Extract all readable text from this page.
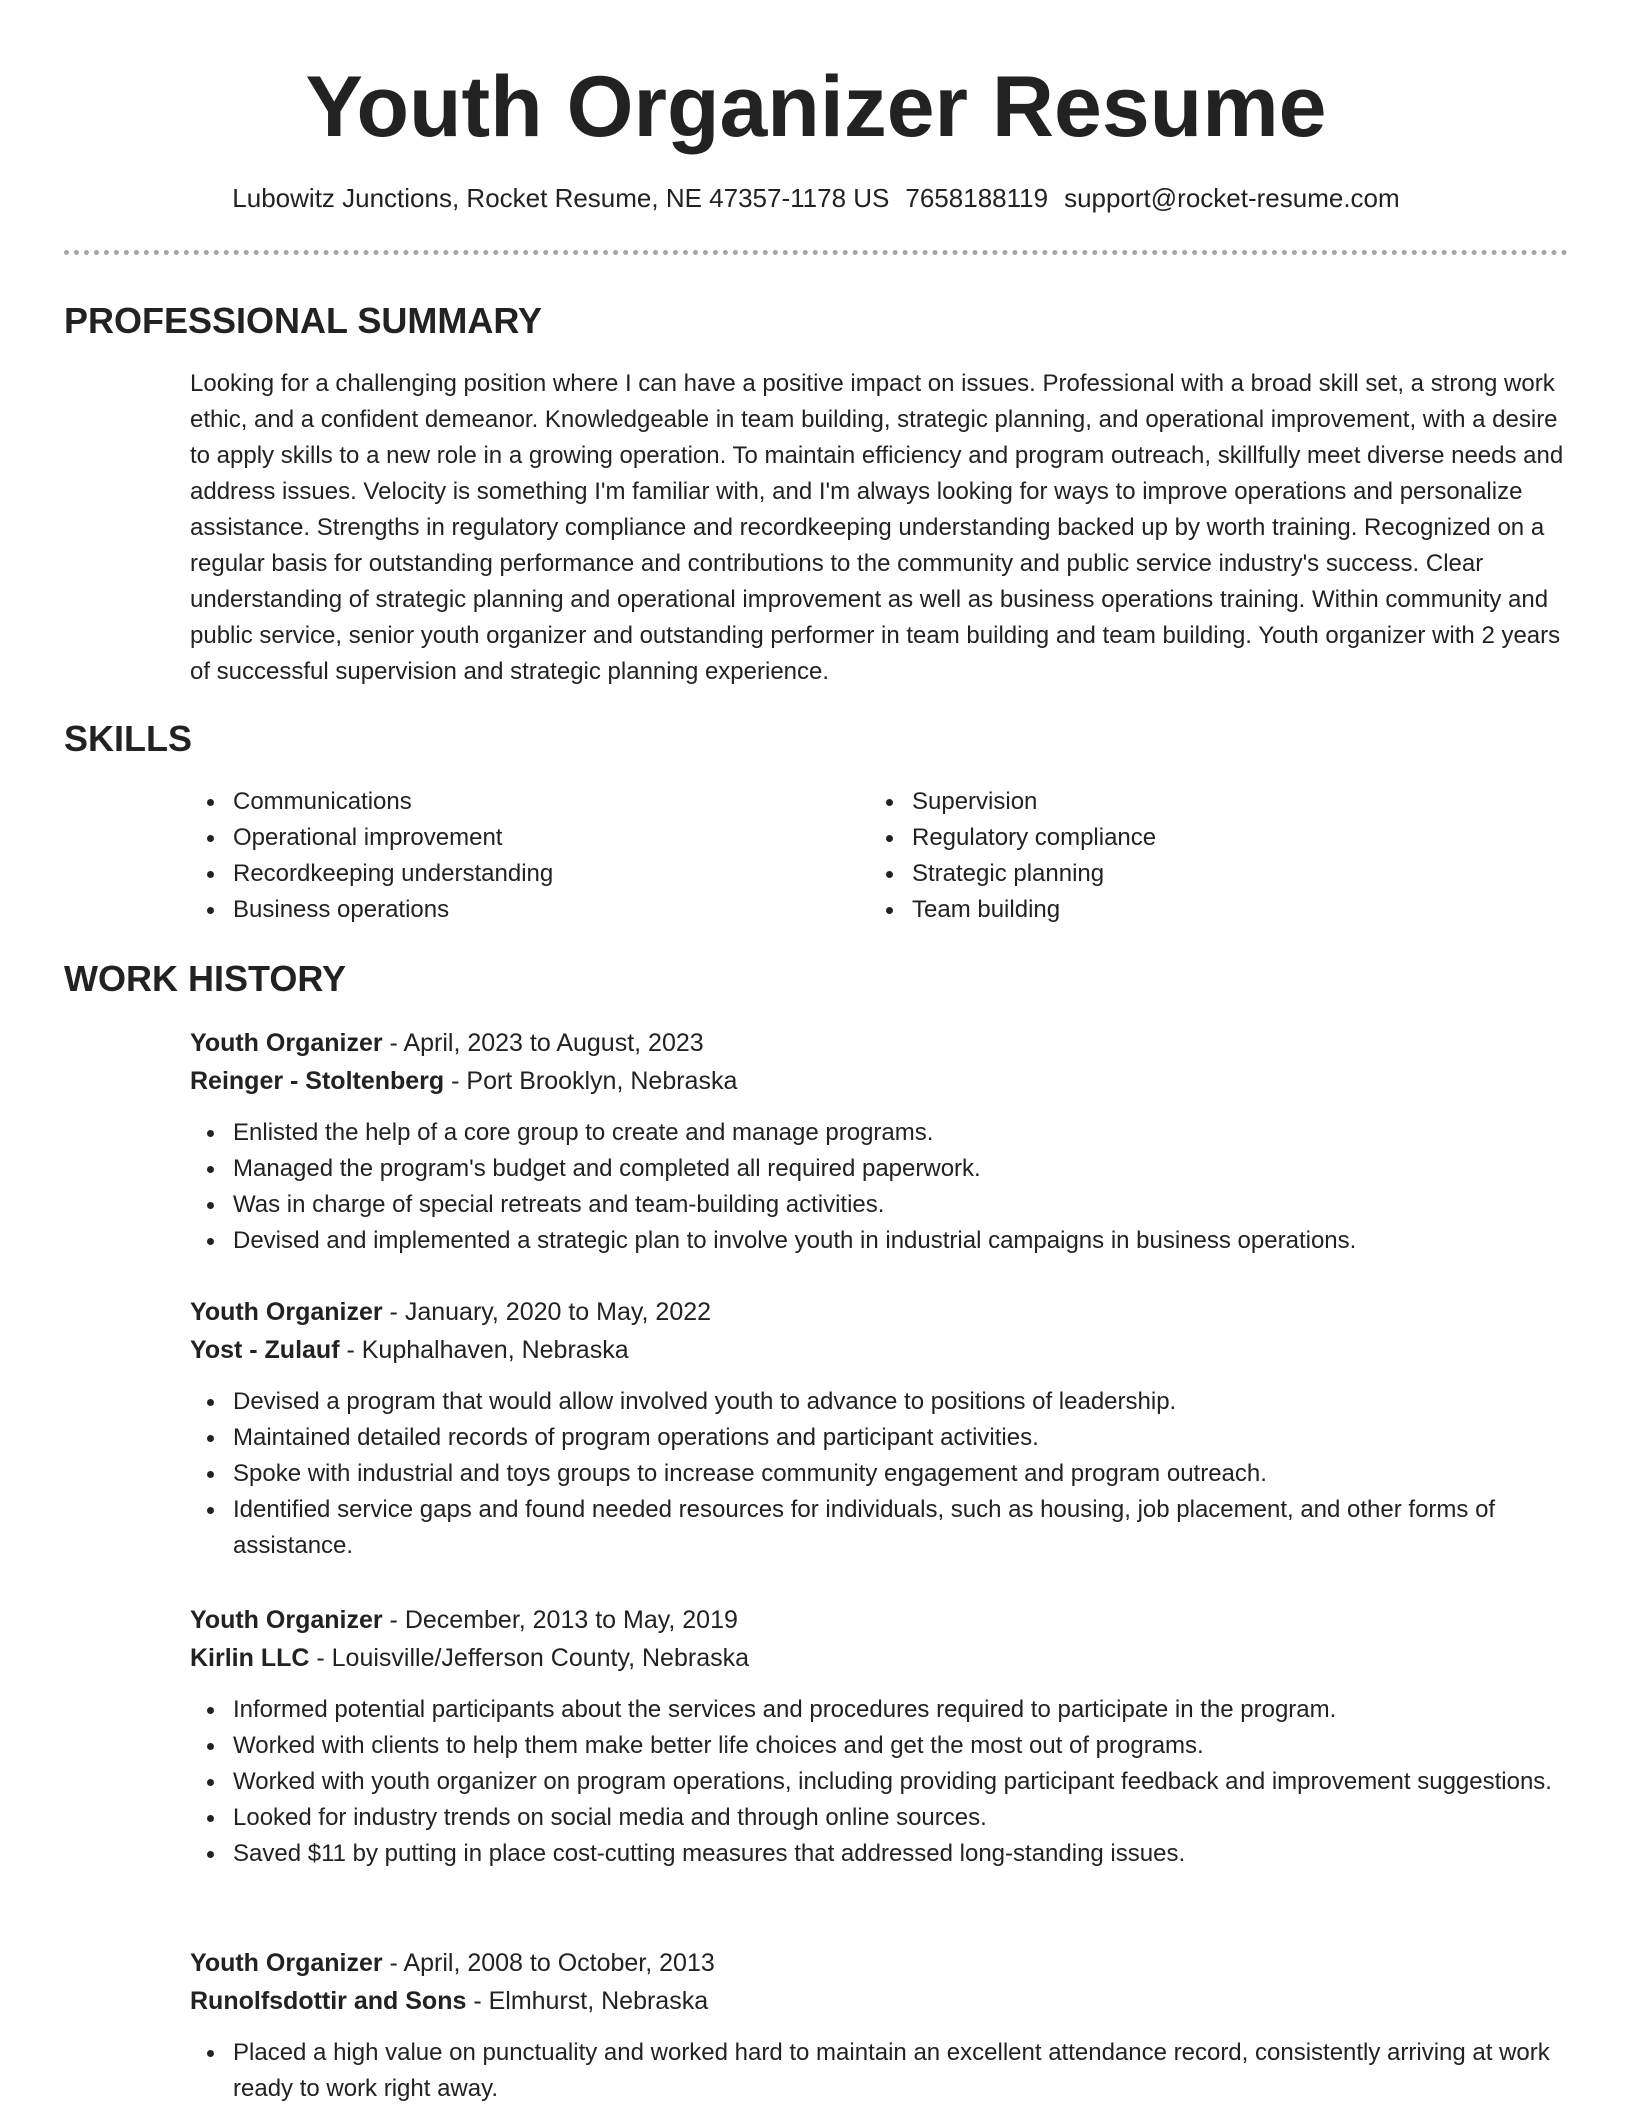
Youth Organizer Resume
Lubowitz Junctions, Rocket Resume, NE 47357-1178 US 7658188119 support@rocket-resume.com
PROFESSIONAL SUMMARY

Looking for a challenging position where I can have a positive impact on issues. Professional with a broad skill set, a strong work ethic, and a confident demeanor. Knowledgeable in team building, strategic planning, and operational improvement, with a desire to apply skills to a new role in a growing operation. To maintain efficiency and program outreach, skillfully meet diverse needs and address issues. Velocity is something I'm familiar with, and I'm always looking for ways to improve operations and personalize assistance. Strengths in regulatory compliance and recordkeeping understanding backed up by worth training. Recognized on a regular basis for outstanding performance and contributions to the community and public service industry's success. Clear understanding of strategic planning and operational improvement as well as business operations training. Within community and public service, senior youth organizer and outstanding performer in team building and team building. Youth organizer with 2 years of successful supervision and strategic planning experience.

SKILLS
Communications
Operational improvement
Recordkeeping understanding
Business operations
Supervision
Regulatory compliance
Strategic planning
Team building
WORK HISTORY
Youth Organizer - April, 2023 to August, 2023
Reinger - Stoltenberg - Port Brooklyn, Nebraska
Enlisted the help of a core group to create and manage programs.
Managed the program's budget and completed all required paperwork.
Was in charge of special retreats and team-building activities.
Devised and implemented a strategic plan to involve youth in industrial campaigns in business operations.
Youth Organizer - January, 2020 to May, 2022
Yost - Zulauf - Kuphalhaven, Nebraska
Devised a program that would allow involved youth to advance to positions of leadership.
Maintained detailed records of program operations and participant activities.
Spoke with industrial and toys groups to increase community engagement and program outreach.
Identified service gaps and found needed resources for individuals, such as housing, job placement, and other forms of assistance.
Youth Organizer - December, 2013 to May, 2019
Kirlin LLC - Louisville/Jefferson County, Nebraska
Informed potential participants about the services and procedures required to participate in the program.
Worked with clients to help them make better life choices and get the most out of programs.
Worked with youth organizer on program operations, including providing participant feedback and improvement suggestions.
Looked for industry trends on social media and through online sources.
Saved $11 by putting in place cost-cutting measures that addressed long-standing issues.
Youth Organizer - April, 2008 to October, 2013
Runolfsdottir and Sons - Elmhurst, Nebraska
Placed a high value on punctuality and worked hard to maintain an excellent attendance record, consistently arriving at work ready to work right away.
